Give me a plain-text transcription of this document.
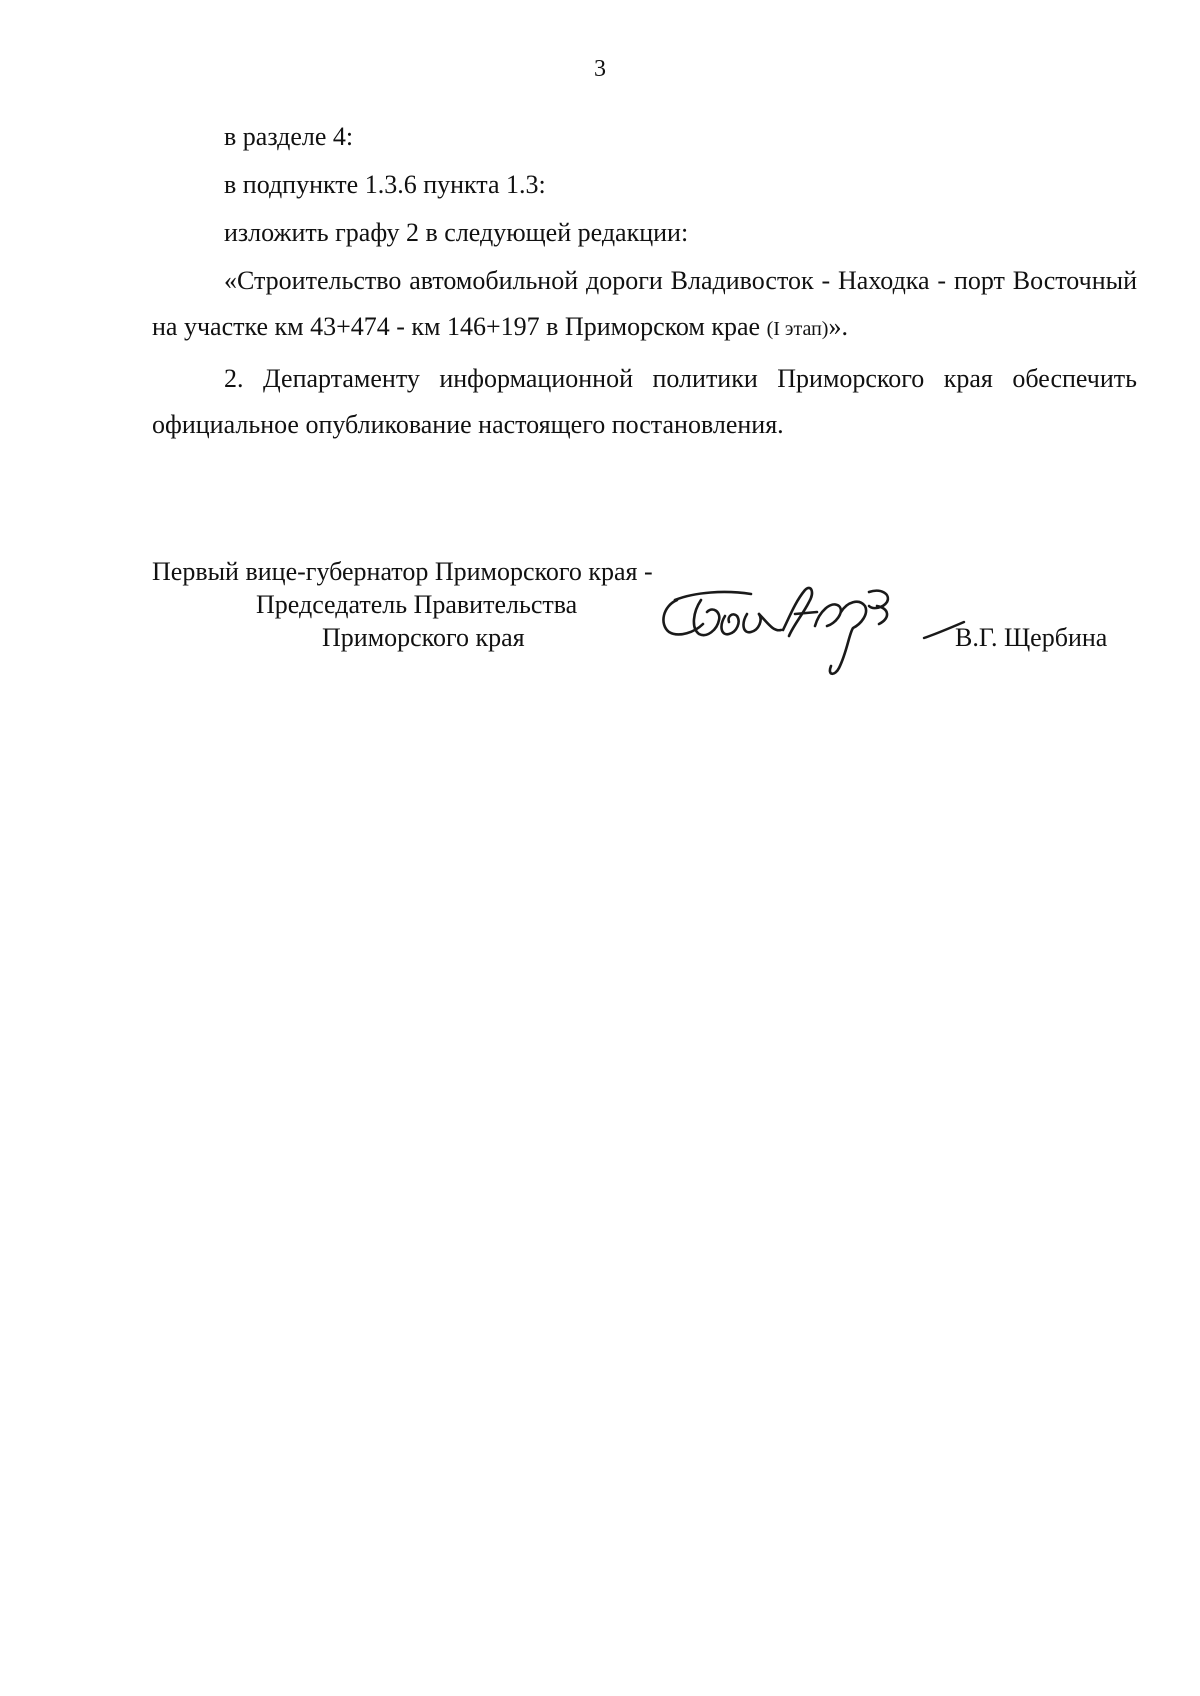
3

в разделе 4:

в подпункте 1.3.6 пункта 1.3:

изложить графу 2 в следующей редакции:

«Строительство автомобильной дороги Владивосток - Находка - порт Восточный на участке км 43+474 - км 146+197 в Приморском крае (I этап)».

2. Департаменту информационной политики Приморского края обеспечить официальное опубликование настоящего постановления.

Первый вице-губернатор Приморского края -
Председатель Правительства
Приморского края	В.Г. Щербина
